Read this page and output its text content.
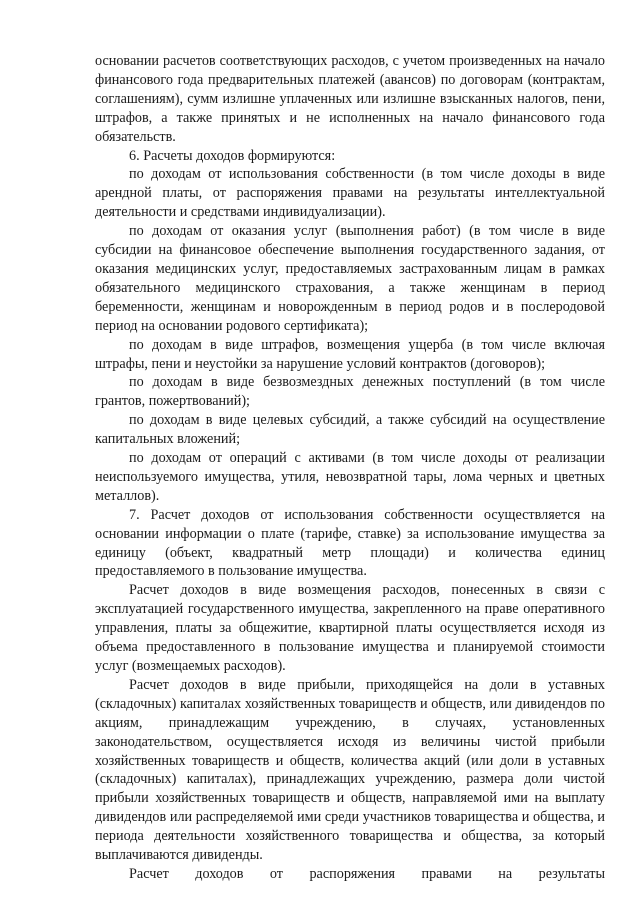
основании расчетов соответствующих расходов, с учетом произведенных на начало финансового года предварительных платежей (авансов) по договорам (контрактам, соглашениям), сумм излишне уплаченных или излишне взысканных налогов, пени, штрафов, а также принятых и не исполненных на начало финансового года обязательств.

6. Расчеты доходов формируются:

по доходам от использования собственности (в том числе доходы в виде арендной платы, от распоряжения правами на результаты интеллектуальной деятельности и средствами индивидуализации).

по доходам от оказания услуг (выполнения работ) (в том числе в виде субсидии на финансовое обеспечение выполнения государственного задания, от оказания медицинских услуг, предоставляемых застрахованным лицам в рамках обязательного медицинского страхования, а также женщинам в период беременности, женщинам и новорожденным в период родов и в послеродовой период на основании родового сертификата);

по доходам в виде штрафов, возмещения ущерба (в том числе включая штрафы, пени и неустойки за нарушение условий контрактов (договоров);

по доходам в виде безвозмездных денежных поступлений (в том числе грантов, пожертвований);

по доходам в виде целевых субсидий, а также субсидий на осуществление капитальных вложений;

по доходам от операций с активами (в том числе доходы от реализации неиспользуемого имущества, утиля, невозвратной тары, лома черных и цветных металлов).

7. Расчет доходов от использования собственности осуществляется на основании информации о плате (тарифе, ставке) за использование имущества за единицу (объект, квадратный метр площади) и количества единиц предоставляемого в пользование имущества.

Расчет доходов в виде возмещения расходов, понесенных в связи с эксплуатацией государственного имущества, закрепленного на праве оперативного управления, платы за общежитие, квартирной платы осуществляется исходя из объема предоставленного в пользование имущества и планируемой стоимости услуг (возмещаемых расходов).

Расчет доходов в виде прибыли, приходящейся на доли в уставных (складочных) капиталах хозяйственных товариществ и обществ, или дивидендов по акциям, принадлежащим учреждению, в случаях, установленных законодательством, осуществляется исходя из величины чистой прибыли хозяйственных товариществ и обществ, количества акций (или доли в уставных (складочных) капиталах), принадлежащих учреждению, размера доли чистой прибыли хозяйственных товариществ и обществ, направляемой ими на выплату дивидендов или распределяемой ими среди участников товарищества и общества, и периода деятельности хозяйственного товарищества и общества, за который выплачиваются дивиденды.

Расчет доходов от распоряжения правами на результаты
